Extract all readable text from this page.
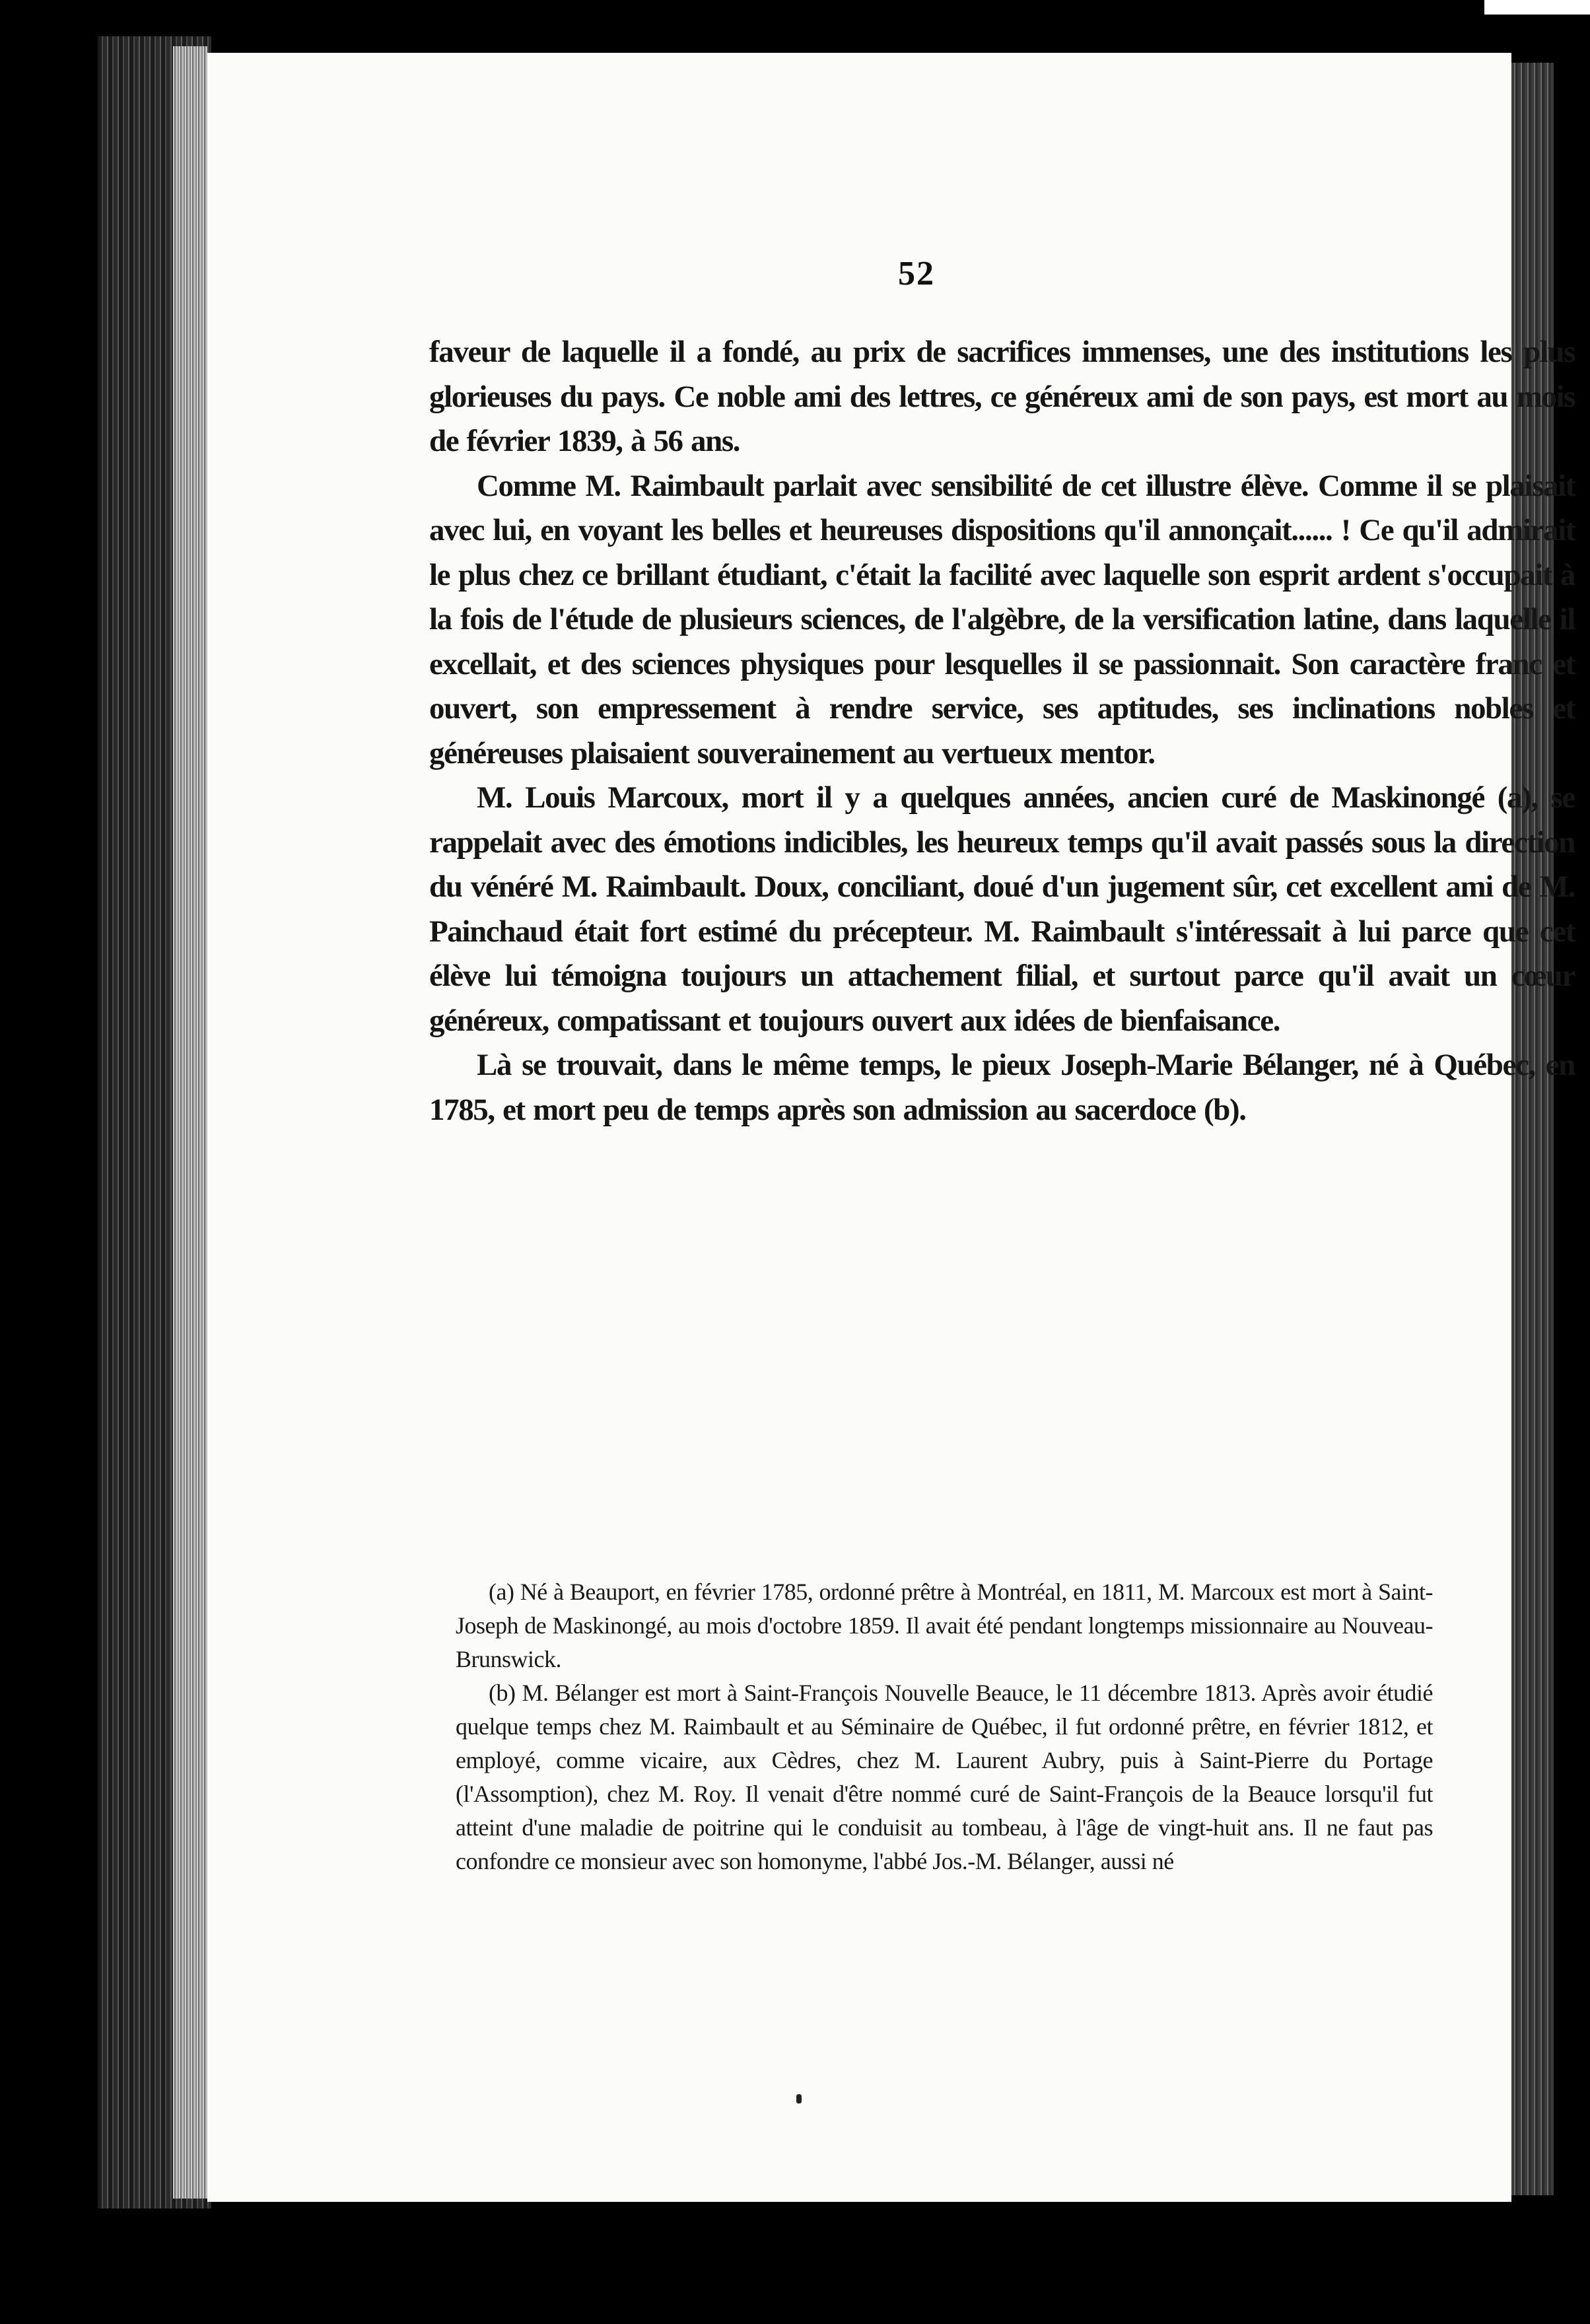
52

faveur de laquelle il a fondé, au prix de sacrifices immenses, une des institutions les plus glorieuses du pays. Ce noble ami des lettres, ce généreux ami de son pays, est mort au mois de février 1839, à 56 ans.

Comme M. Raimbault parlait avec sensibilité de cet illustre élève. Comme il se plaisait avec lui, en voyant les belles et heureuses dispositions qu'il annonçait...... ! Ce qu'il admirait le plus chez ce brillant étudiant, c'était la facilité avec laquelle son esprit ardent s'occupait à la fois de l'étude de plusieurs sciences, de l'algèbre, de la versification latine, dans laquelle il excellait, et des sciences physiques pour lesquelles il se passionnait. Son caractère franc et ouvert, son empressement à rendre service, ses aptitudes, ses inclinations nobles et généreuses plaisaient souverainement au vertueux mentor.

M. Louis Marcoux, mort il y a quelques années, ancien curé de Maskinongé (a), se rappelait avec des émotions indicibles, les heureux temps qu'il avait passés sous la direction du vénéré M. Raimbault. Doux, conciliant, doué d'un jugement sûr, cet excellent ami de M. Painchaud était fort estimé du précepteur. M. Raimbault s'intéressait à lui parce que cet élève lui témoigna toujours un attachement filial, et surtout parce qu'il avait un cœur généreux, compatissant et toujours ouvert aux idées de bienfaisance.

Là se trouvait, dans le même temps, le pieux Joseph-Marie Bélanger, né à Québec, en 1785, et mort peu de temps après son admission au sacerdoce (b).

(a) Né à Beauport, en février 1785, ordonné prêtre à Montréal, en 1811, M. Marcoux est mort à Saint-Joseph de Maskinongé, au mois d'octobre 1859. Il avait été pendant longtemps missionnaire au Nouveau-Brunswick.

(b) M. Bélanger est mort à Saint-François Nouvelle Beauce, le 11 décembre 1813. Après avoir étudié quelque temps chez M. Raimbault et au Séminaire de Québec, il fut ordonné prêtre, en février 1812, et employé, comme vicaire, aux Cèdres, chez M. Laurent Aubry, puis à Saint-Pierre du Portage (l'Assomption), chez M. Roy. Il venait d'être nommé curé de Saint-François de la Beauce lorsqu'il fut atteint d'une maladie de poitrine qui le conduisit au tombeau, à l'âge de vingt-huit ans. Il ne faut pas confondre ce monsieur avec son homonyme, l'abbé Jos.-M. Bélanger, aussi né
